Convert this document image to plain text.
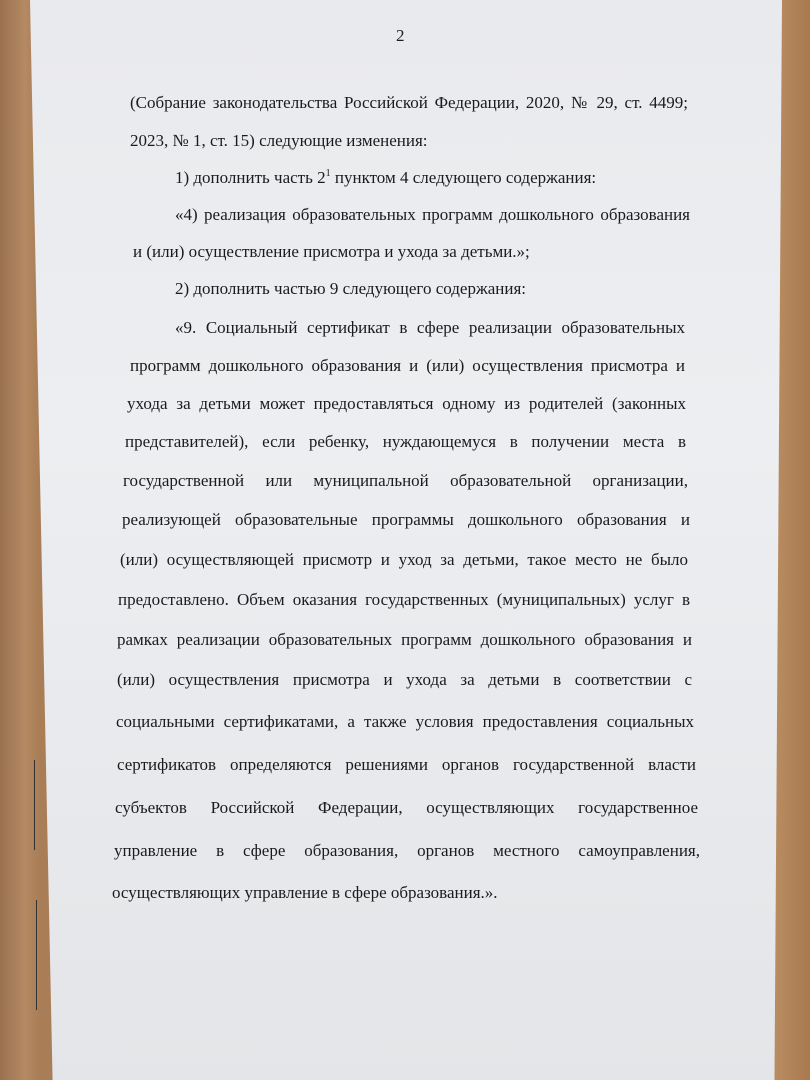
2
(Собрание законодательства Российской Федерации, 2020, № 29, ст. 4499;
2023, № 1, ст. 15) следующие изменения:
1) дополнить часть $2^1$ пунктом 4 следующего содержания:
«4) реализация образовательных программ дошкольного образования
и (или) осуществление присмотра и ухода за детьми.»;
2) дополнить частью 9 следующего содержания:
«9. Социальный сертификат в сфере реализации образовательных
программ дошкольного образования и (или) осуществления присмотра и
ухода за детьми может предоставляться одному из родителей (законных
представителей), если ребенку, нуждающемуся в получении места в
государственной или муниципальной образовательной организации,
реализующей образовательные программы дошкольного образования и
(или) осуществляющей присмотр и уход за детьми, такое место не было
предоставлено. Объем оказания государственных (муниципальных) услуг в
рамках реализации образовательных программ дошкольного образования и
(или) осуществления присмотра и ухода за детьми в соответствии с
социальными сертификатами, а также условия предоставления социальных
сертификатов определяются решениями органов государственной власти
субъектов Российской Федерации, осуществляющих государственное
управление в сфере образования, органов местного самоуправления,
осуществляющих управление в сфере образования.».
